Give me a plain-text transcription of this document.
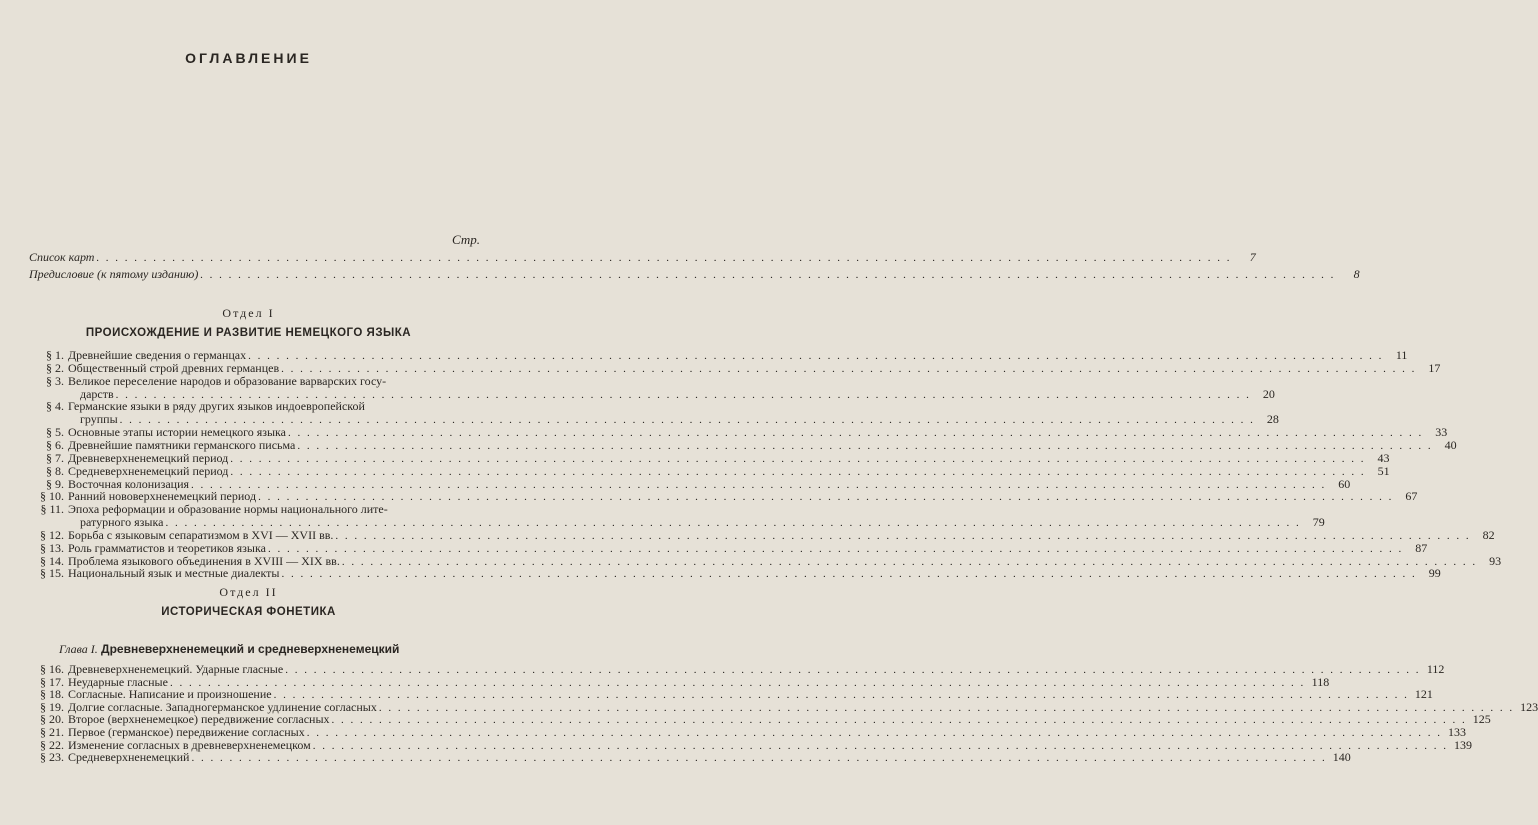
ОГЛАВЛЕНИЕ
Стр.
Список карт . . . . . . . . . . . . . . . . . . . . . . . . . . . . . . . . . . . . . . . . . . . . . . . . . . . . . . . . . . . . . . . . . . . . . . . . . . . . . . . . . . . . . . . . . . . . . . . . . . . . . . . . . . . . . . . . . . . . . . . .	7
Предисловие (к пятому изданию) . . . . . . . . . . . . . . . . . . . . . . . . . . . . . . . . . . . . . . . . . . . . . . . . . . . . . . . . . . . . . . . . . . . . . . . . . . . . . . . . . . . . . . . . . . . . . . . . . . . . . . . . . . . . . . . . . . . . . . . .	8
Отдел I
ПРОИСХОЖДЕНИЕ И РАЗВИТИЕ НЕМЕЦКОГО ЯЗЫКА
§ 1. Древнейшие сведения о германцах . . . . . . . . . . . . . . . . . . . . . . . . . . . . . . . . . . . . . . . . . . . . . . . . . . . . . . . . . . . . . . . . . . . . . . . . . . . . . . . . . . . . . . . . . . . . . . . . . . . . . . . . . . . . . . . . . . . . . . . .	11
§ 2. Общественный строй древних германцев . . . . . . . . . . . . . . . . . . . . . . . . . . . . . . . . . . . . . . . . . . . . . . . . . . . . . . . . . . . . . . . . . . . . . . . . . . . . . . . . . . . . . . . . . . . . . . . . . . . . . . . . . . . . . . . . . . . . . . . .	17
§ 3. Великое переселение народов и образование варварских госу-
дарств . . . . . . . . . . . . . . . . . . . . . . . . . . . . . . . . . . . . . . . . . . . . . . . . . . . . . . . . . . . . . . . . . . . . . . . . . . . . . . . . . . . . . . . . . . . . . . . . . . . . . . . . . . . . . . . . . . . . . . . .	20
§ 4. Германские языки в ряду других языков индоевропейской
группы . . . . . . . . . . . . . . . . . . . . . . . . . . . . . . . . . . . . . . . . . . . . . . . . . . . . . . . . . . . . . . . . . . . . . . . . . . . . . . . . . . . . . . . . . . . . . . . . . . . . . . . . . . . . . . . . . . . . . . . .	28
§ 5. Основные этапы истории немецкого языка . . . . . . . . . . . . . . . . . . . . . . . . . . . . . . . . . . . . . . . . . . . . . . . . . . . . . . . . . . . . . . . . . . . . . . . . . . . . . . . . . . . . . . . . . . . . . . . . . . . . . . . . . . . . . . . . . . . . . . . .	33
§ 6. Древнейшие памятники германского письма . . . . . . . . . . . . . . . . . . . . . . . . . . . . . . . . . . . . . . . . . . . . . . . . . . . . . . . . . . . . . . . . . . . . . . . . . . . . . . . . . . . . . . . . . . . . . . . . . . . . . . . . . . . . . . . . . . . . . . . .	40
§ 7. Древневерхненемецкий период . . . . . . . . . . . . . . . . . . . . . . . . . . . . . . . . . . . . . . . . . . . . . . . . . . . . . . . . . . . . . . . . . . . . . . . . . . . . . . . . . . . . . . . . . . . . . . . . . . . . . . . . . . . . . . . . . . . . . . . .	43
§ 8. Средневерхненемецкий период . . . . . . . . . . . . . . . . . . . . . . . . . . . . . . . . . . . . . . . . . . . . . . . . . . . . . . . . . . . . . . . . . . . . . . . . . . . . . . . . . . . . . . . . . . . . . . . . . . . . . . . . . . . . . . . . . . . . . . . .	51
§ 9. Восточная колонизация . . . . . . . . . . . . . . . . . . . . . . . . . . . . . . . . . . . . . . . . . . . . . . . . . . . . . . . . . . . . . . . . . . . . . . . . . . . . . . . . . . . . . . . . . . . . . . . . . . . . . . . . . . . . . . . . . . . . . . . .	60
§ 10. Ранний нововерхненемецкий период . . . . . . . . . . . . . . . . . . . . . . . . . . . . . . . . . . . . . . . . . . . . . . . . . . . . . . . . . . . . . . . . . . . . . . . . . . . . . . . . . . . . . . . . . . . . . . . . . . . . . . . . . . . . . . . . . . . . . . . .	67
§ 11. Эпоха реформации и образование нормы национального лите-
ратурного языка . . . . . . . . . . . . . . . . . . . . . . . . . . . . . . . . . . . . . . . . . . . . . . . . . . . . . . . . . . . . . . . . . . . . . . . . . . . . . . . . . . . . . . . . . . . . . . . . . . . . . . . . . . . . . . . . . . . . . . . .	79
§ 12. Борьба с языковым сепаратизмом в XVI — XVII вв. . . . . . . . . . . . . . . . . . . . . . . . . . . . . . . . . . . . . . . . . . . . . . . . . . . . . . . . . . . . . . . . . . . . . . . . . . . . . . . . . . . . . . . . . . . . . . . . . . . . . . . . . . . . . . . . . . . . . . . . .	82
§ 13. Роль грамматистов и теоретиков языка . . . . . . . . . . . . . . . . . . . . . . . . . . . . . . . . . . . . . . . . . . . . . . . . . . . . . . . . . . . . . . . . . . . . . . . . . . . . . . . . . . . . . . . . . . . . . . . . . . . . . . . . . . . . . . . . . . . . . . . .	87
§ 14. Проблема языкового объединения в XVIII — XIX вв. . . . . . . . . . . . . . . . . . . . . . . . . . . . . . . . . . . . . . . . . . . . . . . . . . . . . . . . . . . . . . . . . . . . . . . . . . . . . . . . . . . . . . . . . . . . . . . . . . . . . . . . . . . . . . . . . . . . . . . . .	93
§ 15. Национальный язык и местные диалекты . . . . . . . . . . . . . . . . . . . . . . . . . . . . . . . . . . . . . . . . . . . . . . . . . . . . . . . . . . . . . . . . . . . . . . . . . . . . . . . . . . . . . . . . . . . . . . . . . . . . . . . . . . . . . . . . . . . . . . . .	99
Отдел II
ИСТОРИЧЕСКАЯ ФОНЕТИКА
Глава I. Древневерхненемецкий и средневерхненемецкий
§ 16. Древневерхненемецкий. Ударные гласные . . . . . . . . . . . . . . . . . . . . . . . . . . . . . . . . . . . . . . . . . . . . . . . . . . . . . . . . . . . . . . . . . . . . . . . . . . . . . . . . . . . . . . . . . . . . . . . . . . . . . . . . . . . . . . . . . . . . . . . . 112
§ 17. Неударные гласные . . . . . . . . . . . . . . . . . . . . . . . . . . . . . . . . . . . . . . . . . . . . . . . . . . . . . . . . . . . . . . . . . . . . . . . . . . . . . . . . . . . . . . . . . . . . . . . . . . . . . . . . . . . . . . . . . . . . . . . . 118
§ 18. Согласные. Написание и произношение . . . . . . . . . . . . . . . . . . . . . . . . . . . . . . . . . . . . . . . . . . . . . . . . . . . . . . . . . . . . . . . . . . . . . . . . . . . . . . . . . . . . . . . . . . . . . . . . . . . . . . . . . . . . . . . . . . . . . . . . 121
§ 19. Долгие согласные. Западногерманское удлинение согласных . . . . . . . . . . . . . . . . . . . . . . . . . . . . . . . . . . . . . . . . . . . . . . . . . . . . . . . . . . . . . . . . . . . . . . . . . . . . . . . . . . . . . . . . . . . . . . . . . . . . . . . . . . . . . . . . . . . . . . . . 123
§ 20. Второе (верхненемецкое) передвижение согласных . . . . . . . . . . . . . . . . . . . . . . . . . . . . . . . . . . . . . . . . . . . . . . . . . . . . . . . . . . . . . . . . . . . . . . . . . . . . . . . . . . . . . . . . . . . . . . . . . . . . . . . . . . . . . . . . . . . . . . . . 125
§ 21. Первое (германское) передвижение согласных . . . . . . . . . . . . . . . . . . . . . . . . . . . . . . . . . . . . . . . . . . . . . . . . . . . . . . . . . . . . . . . . . . . . . . . . . . . . . . . . . . . . . . . . . . . . . . . . . . . . . . . . . . . . . . . . . . . . . . . . 133
§ 22. Изменение согласных в древневерхненемецком . . . . . . . . . . . . . . . . . . . . . . . . . . . . . . . . . . . . . . . . . . . . . . . . . . . . . . . . . . . . . . . . . . . . . . . . . . . . . . . . . . . . . . . . . . . . . . . . . . . . . . . . . . . . . . . . . . . . . . . . 139
§ 23. Средневерхненемецкий . . . . . . . . . . . . . . . . . . . . . . . . . . . . . . . . . . . . . . . . . . . . . . . . . . . . . . . . . . . . . . . . . . . . . . . . . . . . . . . . . . . . . . . . . . . . . . . . . . . . . . . . . . . . . . . . . . . . . . . . 140
